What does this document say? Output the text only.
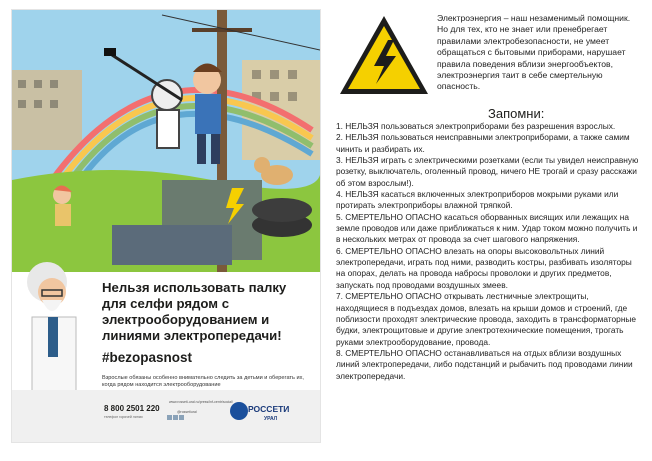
Нельзя использовать палку для селфи рядом с электрооборудованием и линиями электропередачи!

#bezopasnost
Взрослые обязаны особенно внимательно следить за детьми и оберегать их, когда рядом находится электрооборудование
8 800 2501 220
телефон горячей линии
www.rosseti-ural.ru/press/inf-centr/social/
@rossetiural	РОССЕТИ
УРАЛ

Электроэнергия – наш незаменимый помощник. Но для тех, кто не знает или пренебрегает правилами электробезопасности, не умеет обращаться с бытовыми приборами, нарушает правила поведения вблизи энергообъектов, электроэнергия таит в себе смертельную опасность.

Запомни:
1. НЕЛЬЗЯ пользоваться электроприборами без разрешения взрослых.
2. НЕЛЬЗЯ пользоваться неисправными электроприборами, а также самим чинить и разбирать их.
3. НЕЛЬЗЯ играть с электрическими розетками (если ты увидел неисправную розетку, выключатель, оголенный провод, ничего НЕ трогай и сразу расскажи об этом взрослым!).
4. НЕЛЬЗЯ касаться включенных электроприборов мокрыми руками или протирать электроприборы влажной тряпкой.
5. СМЕРТЕЛЬНО ОПАСНО касаться оборванных висящих или лежащих на земле проводов или даже приближаться к ним. Удар током можно получить и в нескольких метрах от провода за счет шагового напряжения.
6. СМЕРТЕЛЬНО ОПАСНО влезать на опоры высоковольтных линий электропередачи, играть под ними, разводить костры, разбивать изоляторы на опорах, делать на провода набросы проволоки и других предметов, запускать под проводами воздушных змеев.
7. СМЕРТЕЛЬНО ОПАСНО открывать лестничные электрощиты, находящиеся в подъездах домов, влезать на крыши домов и строений, где поблизости проходят электрические провода, заходить в трансформаторные будки, электрощитовые и другие электротехнические помещения, трогать руками электрооборудование, провода.
8. СМЕРТЕЛЬНО ОПАСНО останавливаться на отдых вблизи воздушных линий электропередачи, либо подстанций и рыбачить под проводами линии электропередачи.
